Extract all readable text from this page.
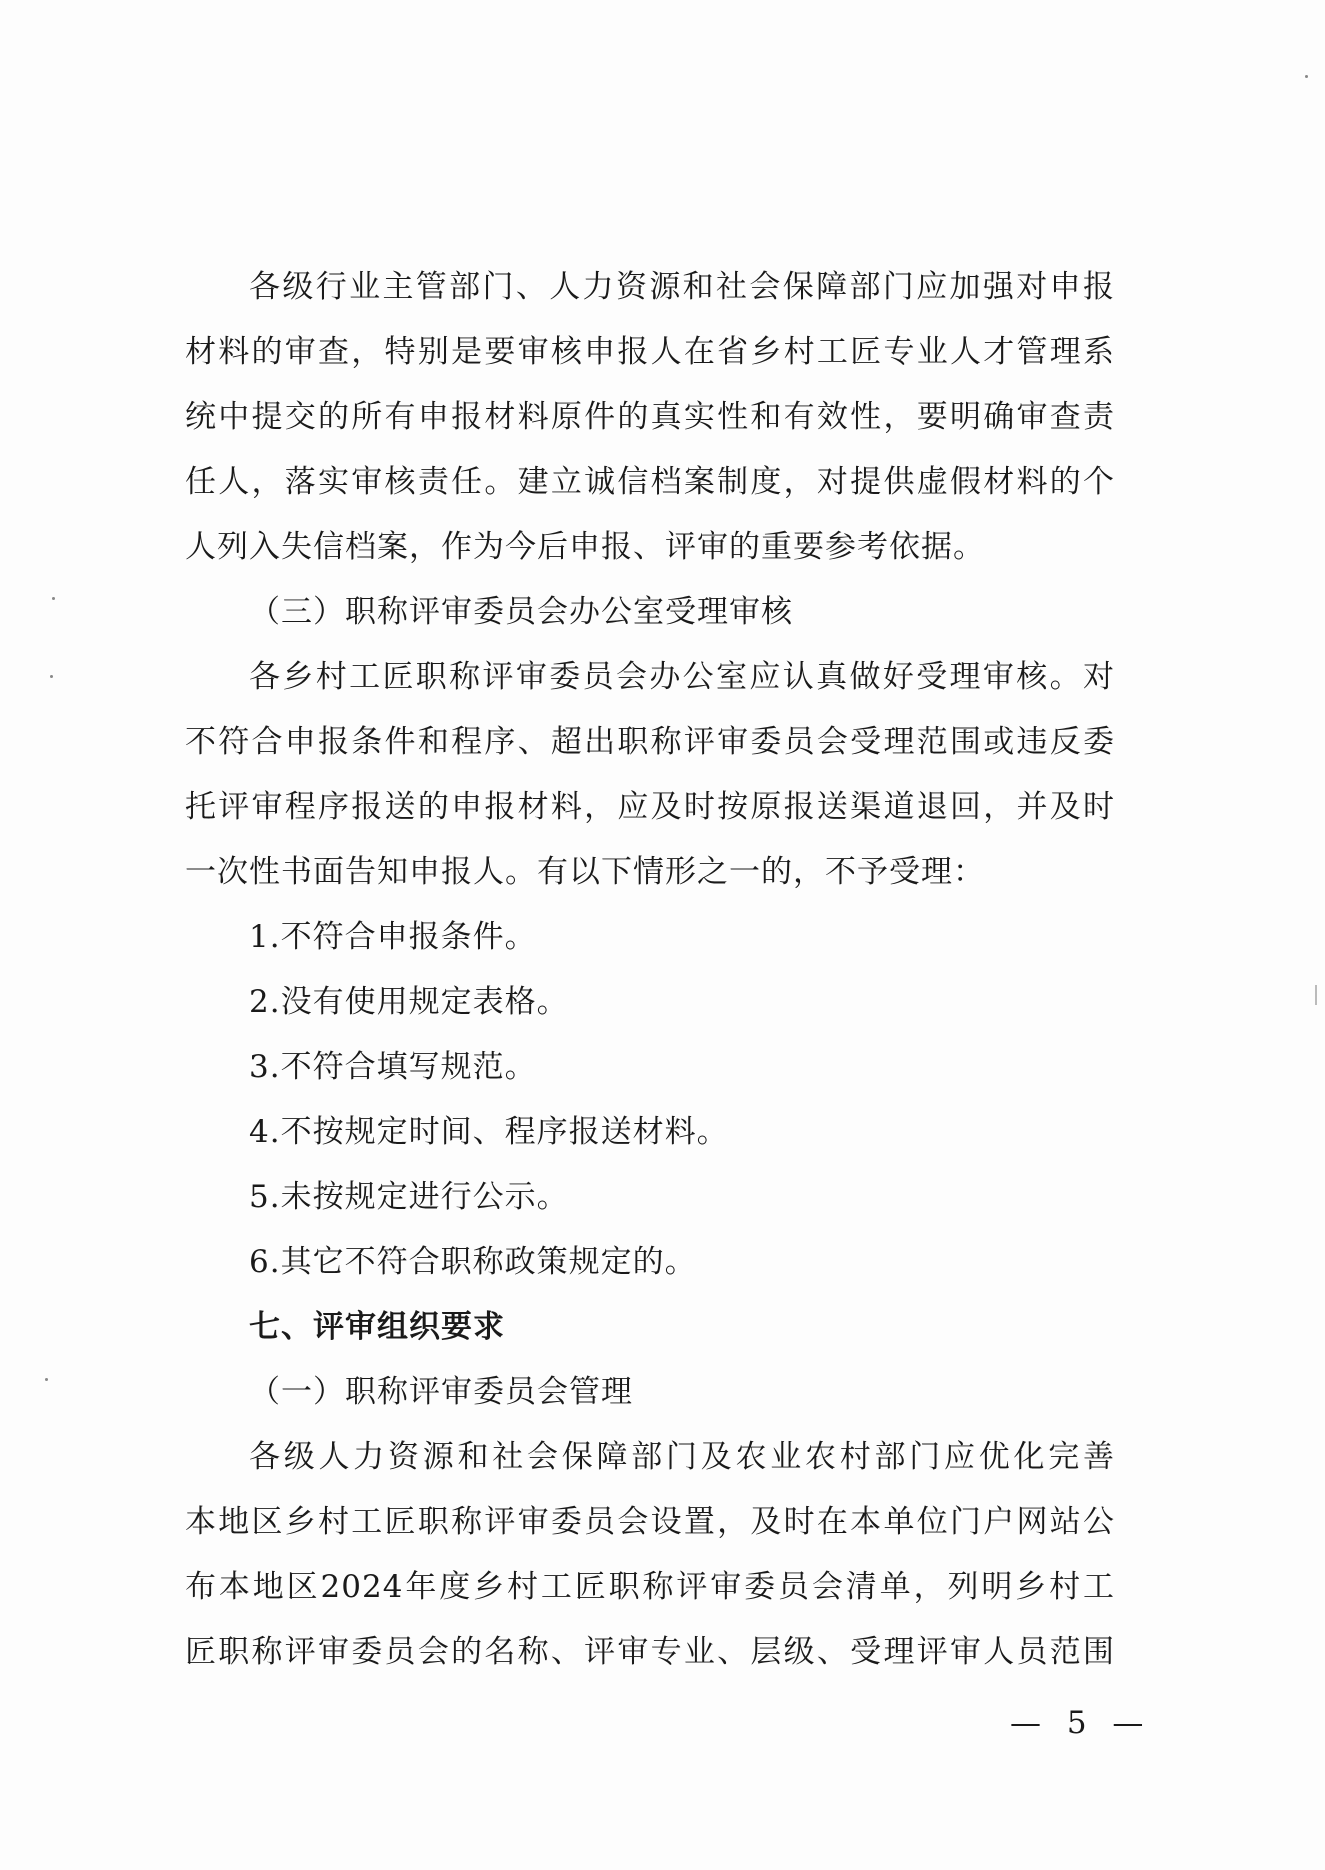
各级行业主管部门、人力资源和社会保障部门应加强对申报
材料的审查，特别是要审核申报人在省乡村工匠专业人才管理系
统中提交的所有申报材料原件的真实性和有效性，要明确审查责
任人，落实审核责任。建立诚信档案制度，对提供虚假材料的个
人列入失信档案，作为今后申报、评审的重要参考依据。
（三）职称评审委员会办公室受理审核
各乡村工匠职称评审委员会办公室应认真做好受理审核。对
不符合申报条件和程序、超出职称评审委员会受理范围或违反委
托评审程序报送的申报材料，应及时按原报送渠道退回，并及时
一次性书面告知申报人。有以下情形之一的，不予受理：
1.不符合申报条件。
2.没有使用规定表格。
3.不符合填写规范。
4.不按规定时间、程序报送材料。
5.未按规定进行公示。
6.其它不符合职称政策规定的。
七、评审组织要求
（一）职称评审委员会管理
各级人力资源和社会保障部门及农业农村部门应优化完善
本地区乡村工匠职称评审委员会设置，及时在本单位门户网站公
布本地区2024年度乡村工匠职称评审委员会清单，列明乡村工
匠职称评审委员会的名称、评审专业、层级、受理评审人员范围
— 5 —
